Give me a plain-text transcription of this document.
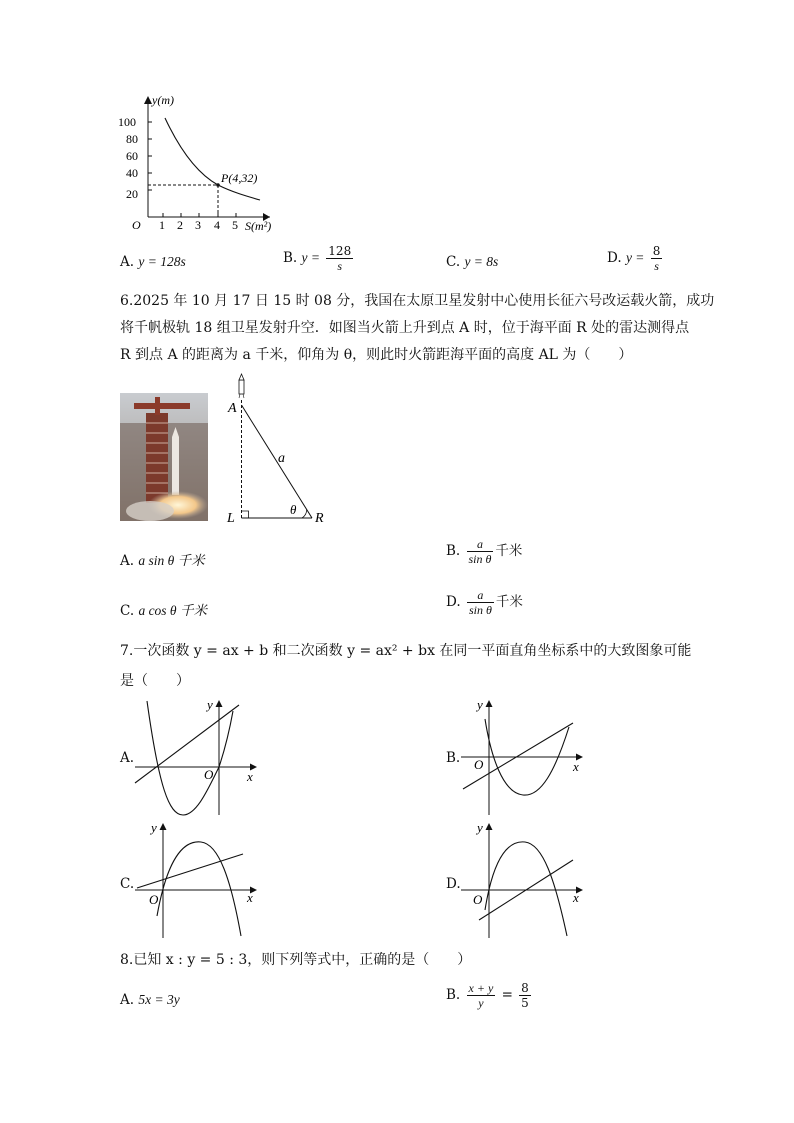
y(m)
100
80
60
40
20
O 1 2 3 4 5 S(m²)
P(4,32)
A. y = 128s	B. $y = \frac{128}{s}$	C. y = 8s	D. $y = \frac{8}{s}$
6.2025 年 10 月 17 日 15 时 08 分，我国在太原卫星发射中心使用长征六号改运载火箭，成功
将千帆极轨 18 组卫星发射升空．如图当火箭上升到点 A 时，位于海平面 R 处的雷达测得点
R 到点 A 的距离为 a 千米，仰角为 θ，则此时火箭距海平面的高度 AL 为（　　）
A
L	R
a
θ
A. a sin θ 千米
B. $\frac{a}{\text{sin θ}}$ 千米
C. a cos θ 千米
D. $\frac{a}{\text{sin θ}}$ 千米
7.一次函数 y = ax + b 和二次函数 y = ax² + bx 在同一平面直角坐标系中的大致图象可能
是（　　）
A.
x
y
O
B.
x
y
O
C.
x
y
O
D.
x
y
O
8.已知 x : y = 5 : 3，则下列等式中，正确的是（　　）
A. 5x = 3y	B. $\frac{x + y}{y} = \frac{8}{5}$
